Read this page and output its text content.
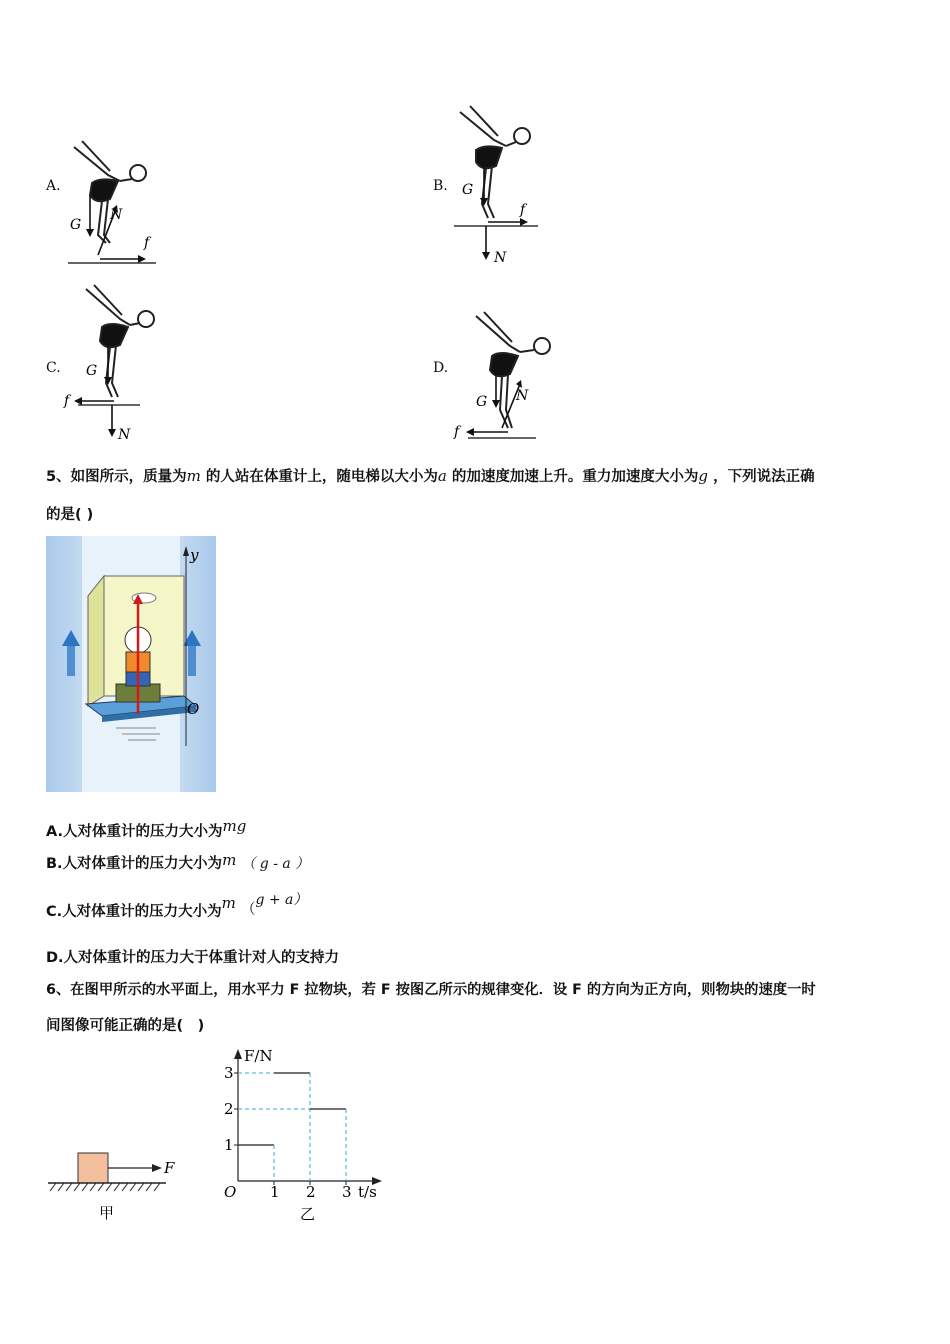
A.	B.
C.	D.
G
N
f
G
N
f
G
N
f	G N
f
5、如图所示，质量为m 的人站在体重计上，随电梯以大小为a 的加速度加速上升。重力加速度大小为g ，下列说法正确
的是( )
y
O
A.人对体重计的压力大小为mg
B.人对体重计的压力大小为m （ g - a ）
C.人对体重计的压力大小为m （g + a）
D.人对体重计的压力大于体重计对人的支持力
6、在图甲所示的水平面上，用水平力 F 拉物块，若 F 按图乙所示的规律变化．设 F 的方向为正方向，则物块的速度一时
间图像可能正确的是(　)
F
甲
F/N
t/s
O
1
2
3
1 2 3
乙
